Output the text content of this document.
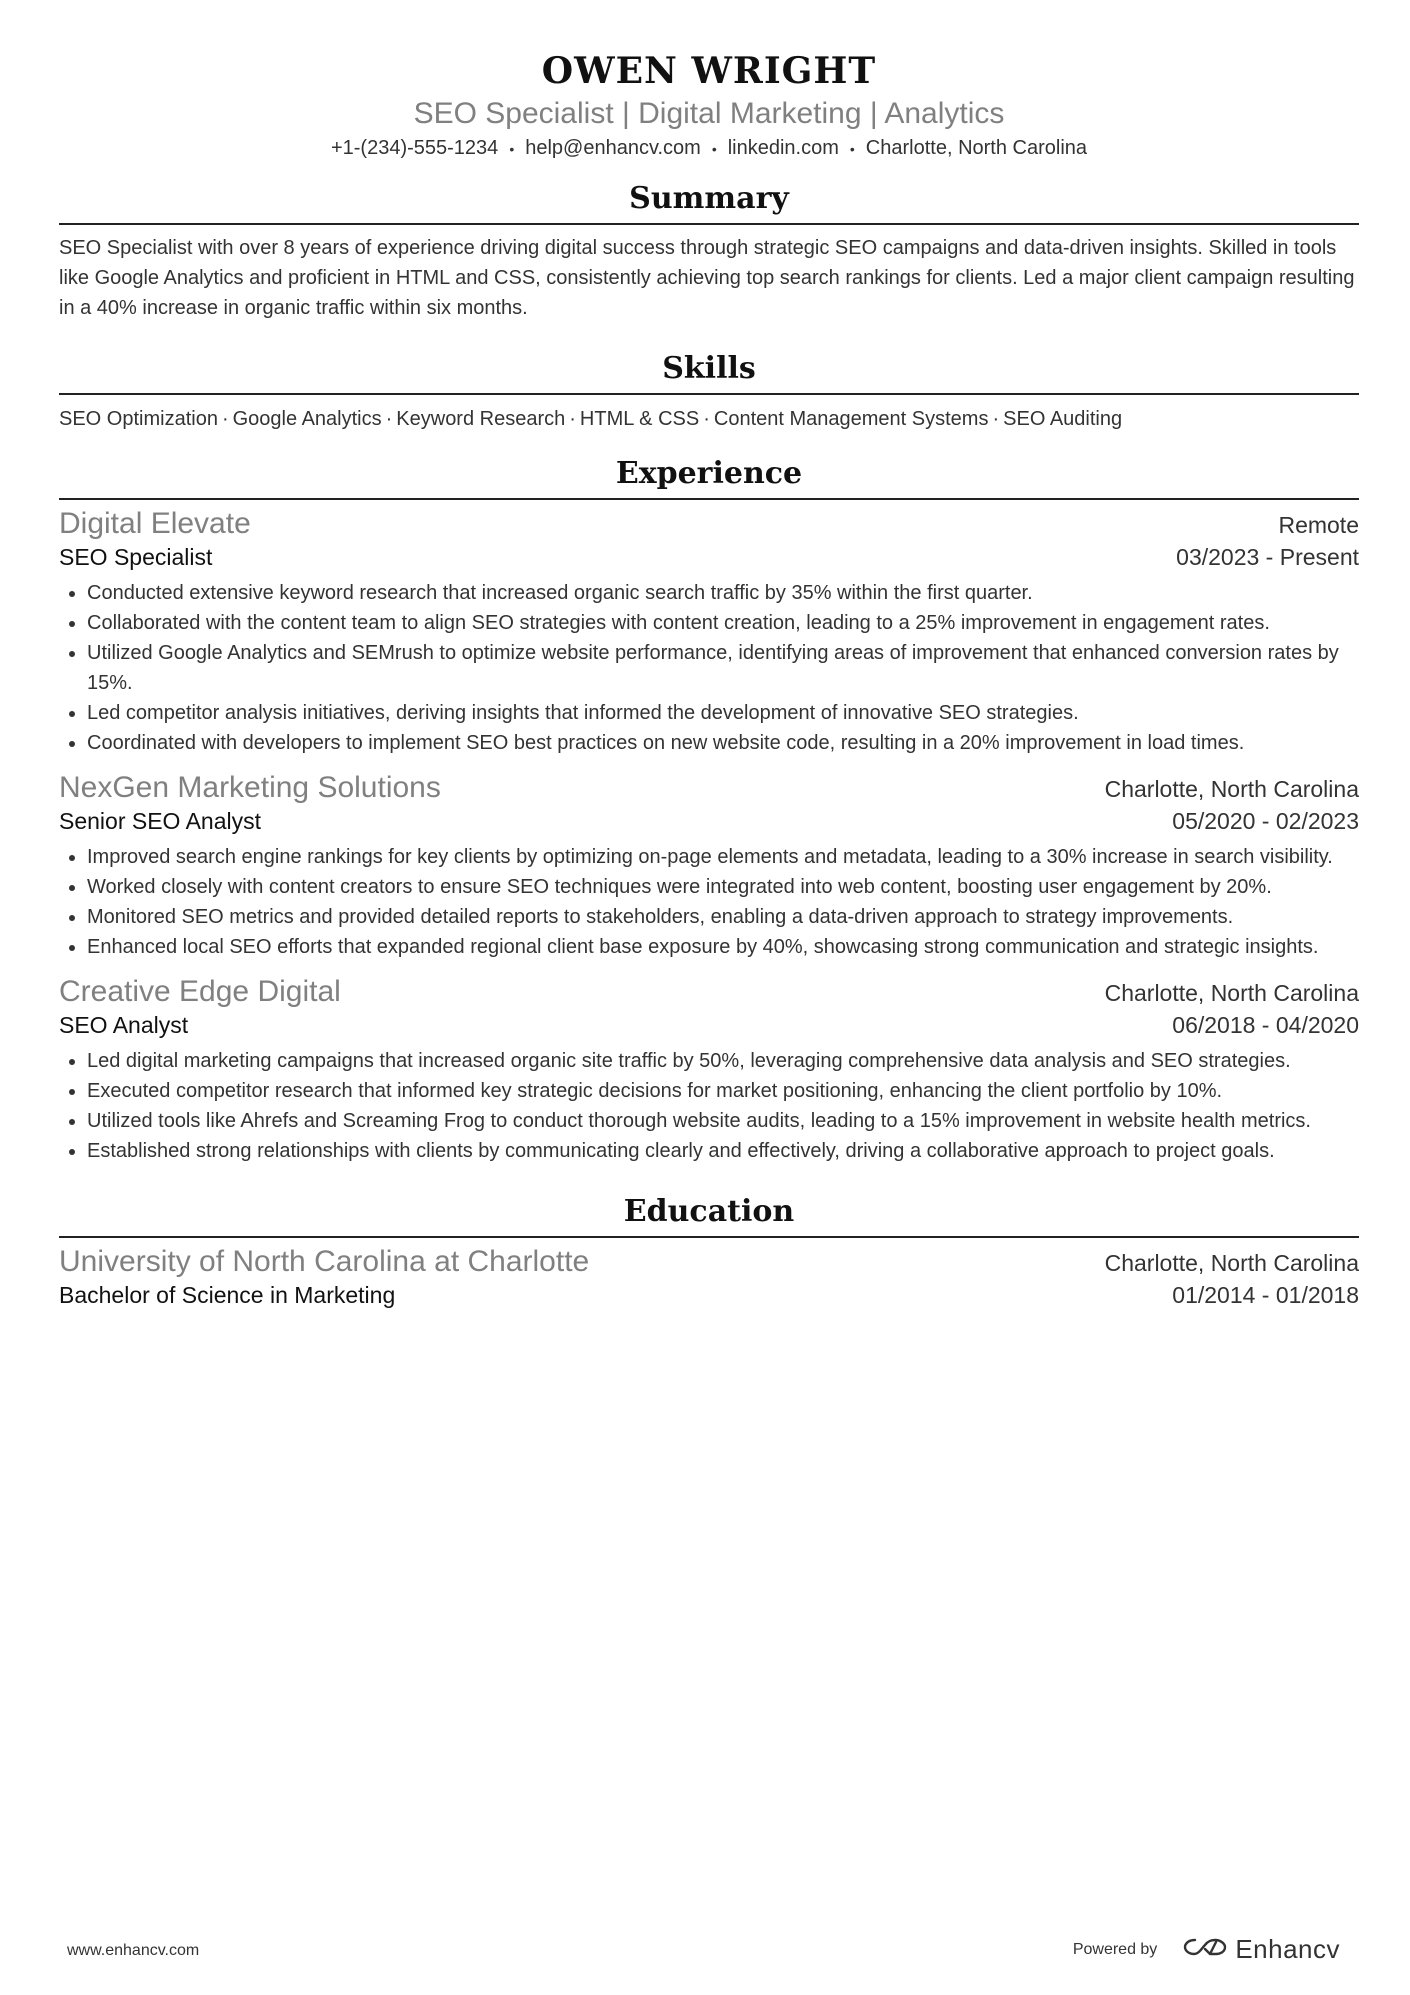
OWEN WRIGHT
SEO Specialist | Digital Marketing | Analytics
+1-(234)-555-1234 • help@enhancv.com • linkedin.com • Charlotte, North Carolina
Summary
SEO Specialist with over 8 years of experience driving digital success through strategic SEO campaigns and data-driven insights. Skilled in tools like Google Analytics and proficient in HTML and CSS, consistently achieving top search rankings for clients. Led a major client campaign resulting in a 40% increase in organic traffic within six months.
Skills
SEO Optimization · Google Analytics · Keyword Research · HTML & CSS · Content Management Systems · SEO Auditing
Experience
Digital Elevate	Remote
SEO Specialist	03/2023 - Present
• Conducted extensive keyword research that increased organic search traffic by 35% within the first quarter.
• Collaborated with the content team to align SEO strategies with content creation, leading to a 25% improvement in engagement rates.
• Utilized Google Analytics and SEMrush to optimize website performance, identifying areas of improvement that enhanced conversion rates by 15%.
• Led competitor analysis initiatives, deriving insights that informed the development of innovative SEO strategies.
• Coordinated with developers to implement SEO best practices on new website code, resulting in a 20% improvement in load times.
NexGen Marketing Solutions	Charlotte, North Carolina
Senior SEO Analyst	05/2020 - 02/2023
• Improved search engine rankings for key clients by optimizing on-page elements and metadata, leading to a 30% increase in search visibility.
• Worked closely with content creators to ensure SEO techniques were integrated into web content, boosting user engagement by 20%.
• Monitored SEO metrics and provided detailed reports to stakeholders, enabling a data-driven approach to strategy improvements.
• Enhanced local SEO efforts that expanded regional client base exposure by 40%, showcasing strong communication and strategic insights.
Creative Edge Digital	Charlotte, North Carolina
SEO Analyst	06/2018 - 04/2020
• Led digital marketing campaigns that increased organic site traffic by 50%, leveraging comprehensive data analysis and SEO strategies.
• Executed competitor research that informed key strategic decisions for market positioning, enhancing the client portfolio by 10%.
• Utilized tools like Ahrefs and Screaming Frog to conduct thorough website audits, leading to a 15% improvement in website health metrics.
• Established strong relationships with clients by communicating clearly and effectively, driving a collaborative approach to project goals.
Education
University of North Carolina at Charlotte	Charlotte, North Carolina
Bachelor of Science in Marketing	01/2014 - 01/2018
www.enhancv.com	Powered by	Enhancv
